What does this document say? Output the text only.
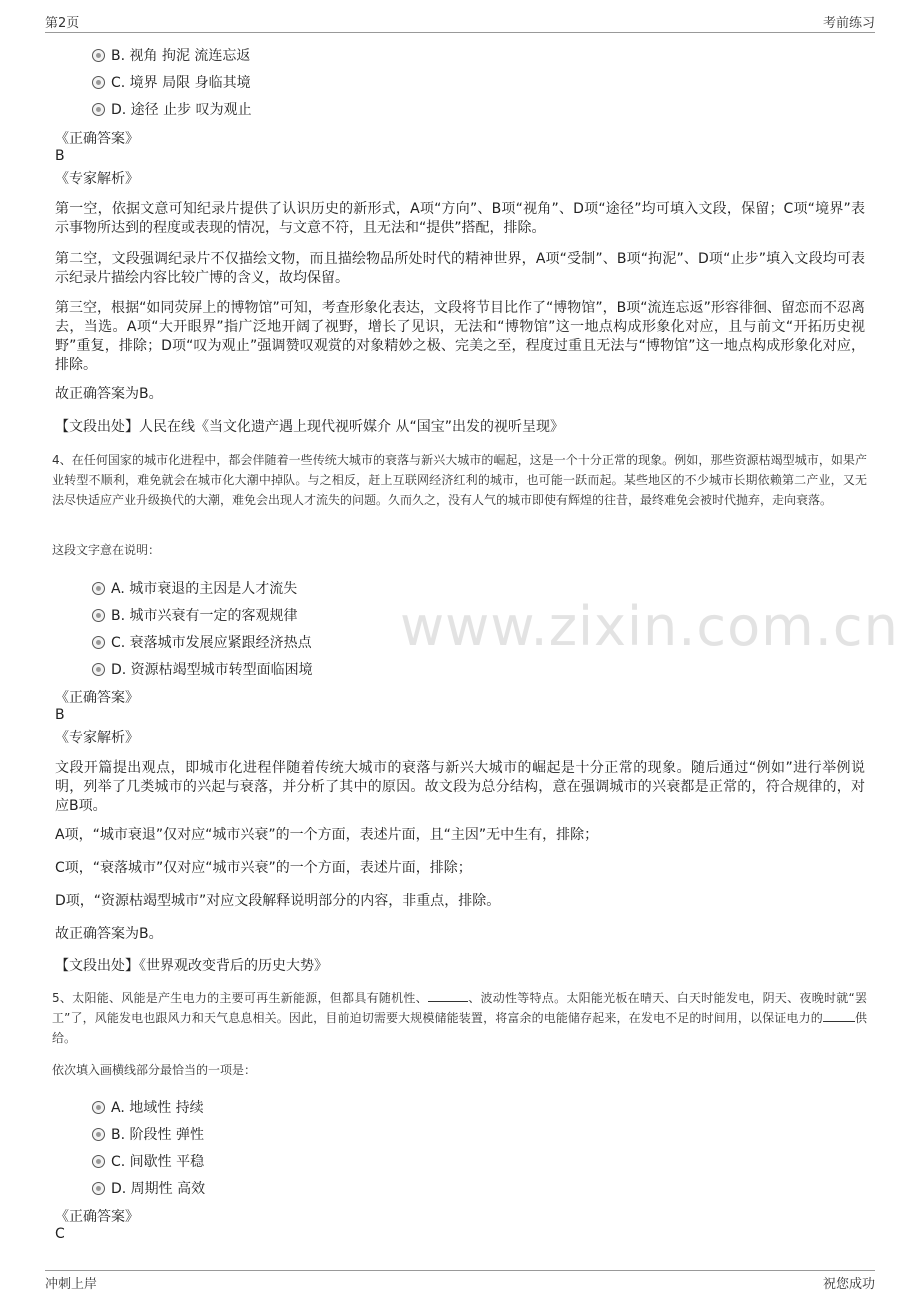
第2页	考前练习
www.zixin.com.cn
B. 视角 拘泥 流连忘返
C. 境界 局限 身临其境
D. 途径 止步 叹为观止
《正确答案》
B
《专家解析》
第一空，依据文意可知纪录片提供了认识历史的新形式，A项“方向”、B项“视角”、D项“途径”均可填入文段，保留；C项“境界”表示事物所达到的程度或表现的情况，与文意不符，且无法和“提供”搭配，排除。
第二空，文段强调纪录片不仅描绘文物，而且描绘物品所处时代的精神世界，A项“受制”、B项“拘泥”、D项“止步”填入文段均可表示纪录片描绘内容比较广博的含义，故均保留。
第三空，根据“如同荧屏上的博物馆”可知，考查形象化表达，文段将节目比作了“博物馆”，B项“流连忘返”形容徘徊、留恋而不忍离去，当选。A项“大开眼界”指广泛地开阔了视野，增长了见识，无法和“博物馆”这一地点构成形象化对应，且与前文“开拓历史视野”重复，排除；D项“叹为观止”强调赞叹观赏的对象精妙之极、完美之至，程度过重且无法与“博物馆”这一地点构成形象化对应，排除。
故正确答案为B。
【文段出处】人民在线《当文化遗产遇上现代视听媒介 从“国宝”出发的视听呈现》
4、在任何国家的城市化进程中，都会伴随着一些传统大城市的衰落与新兴大城市的崛起，这是一个十分正常的现象。例如，那些资源枯竭型城市，如果产业转型不顺利，难免就会在城市化大潮中掉队。与之相反，赶上互联网经济红利的城市，也可能一跃而起。某些地区的不少城市长期依赖第二产业，又无法尽快适应产业升级换代的大潮，难免会出现人才流失的问题。久而久之，没有人气的城市即使有辉煌的往昔，最终难免会被时代抛弃，走向衰落。
这段文字意在说明：
A. 城市衰退的主因是人才流失
B. 城市兴衰有一定的客观规律
C. 衰落城市发展应紧跟经济热点
D. 资源枯竭型城市转型面临困境
《正确答案》
B
《专家解析》
文段开篇提出观点，即城市化进程伴随着传统大城市的衰落与新兴大城市的崛起是十分正常的现象。随后通过“例如”进行举例说明，列举了几类城市的兴起与衰落，并分析了其中的原因。故文段为总分结构，意在强调城市的兴衰都是正常的，符合规律的，对应B项。
A项，“城市衰退”仅对应“城市兴衰”的一个方面，表述片面，且“主因”无中生有，排除；
C项，“衰落城市”仅对应“城市兴衰”的一个方面，表述片面，排除；
D项，“资源枯竭型城市”对应文段解释说明部分的内容，非重点，排除。
故正确答案为B。
【文段出处】《世界观改变背后的历史大势》
5、太阳能、风能是产生电力的主要可再生新能源，但都具有随机性、	、波动性等特点。太阳能光板在晴天、白天时能发电，阴天、夜晚时就“罢工”了，风能发电也跟风力和天气息息相关。因此，目前迫切需要大规模储能装置，将富余的电能储存起来，在发电不足的时间用，以保证电力的	供给。
依次填入画横线部分最恰当的一项是：
A. 地域性 持续
B. 阶段性 弹性
C. 间歇性 平稳
D. 周期性 高效
《正确答案》
C
冲刺上岸	祝您成功
